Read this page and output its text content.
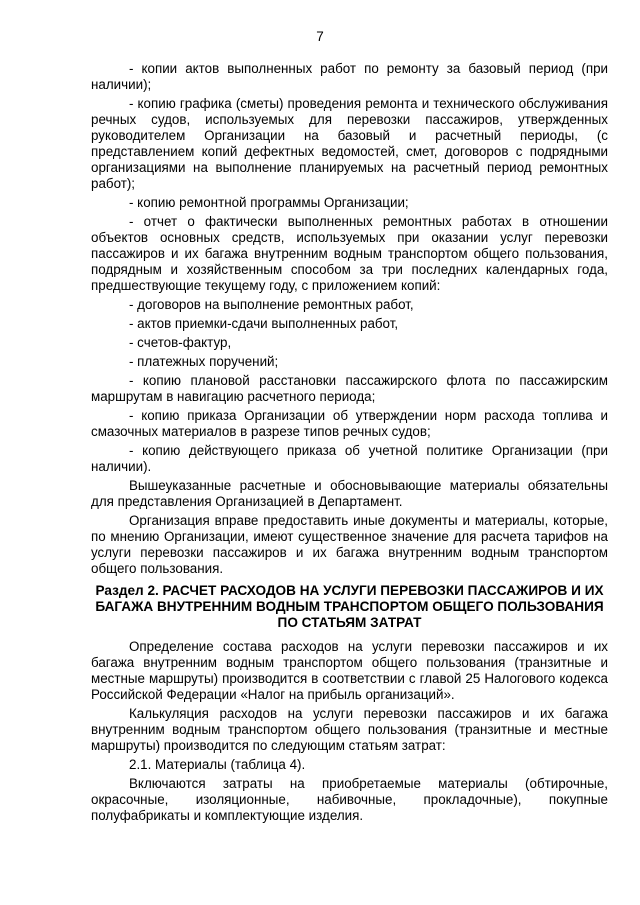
7

- копии актов выполненных работ по ремонту за базовый период (при наличии);

- копию графика (сметы) проведения ремонта и технического обслуживания речных судов, используемых для перевозки пассажиров, утвержденных руководителем Организации на базовый и расчетный периоды, (с представлением копий дефектных ведомостей, смет, договоров с подрядными организациями на выполнение планируемых на расчетный период ремонтных работ);

- копию ремонтной программы Организации;

- отчет о фактически выполненных ремонтных работах в отношении объектов основных средств, используемых при оказании услуг перевозки пассажиров и их багажа внутренним водным транспортом общего пользования, подрядным и хозяйственным способом за три последних календарных года, предшествующие текущему году, с приложением копий:

- договоров на выполнение ремонтных работ,

- актов приемки-сдачи выполненных работ,

- счетов-фактур,

- платежных поручений;

- копию плановой расстановки пассажирского флота по пассажирским маршрутам в навигацию расчетного периода;

- копию приказа Организации об утверждении норм расхода топлива и смазочных материалов в разрезе типов речных судов;

- копию действующего приказа об учетной политике Организации (при наличии).

Вышеуказанные расчетные и обосновывающие материалы обязательны для представления Организацией в Департамент.

Организация вправе предоставить иные документы и материалы, которые, по мнению Организации, имеют существенное значение для расчета тарифов на услуги перевозки пассажиров и их багажа внутренним водным транспортом общего пользования.

Раздел 2. РАСЧЕТ РАСХОДОВ НА УСЛУГИ ПЕРЕВОЗКИ ПАССАЖИРОВ И ИХ БАГАЖА ВНУТРЕННИМ ВОДНЫМ ТРАНСПОРТОМ ОБЩЕГО ПОЛЬЗОВАНИЯ ПО СТАТЬЯМ ЗАТРАТ

Определение состава расходов на услуги перевозки пассажиров и их багажа внутренним водным транспортом общего пользования (транзитные и местные маршруты) производится в соответствии с главой 25 Налогового кодекса Российской Федерации «Налог на прибыль организаций».

Калькуляция расходов на услуги перевозки пассажиров и их багажа внутренним водным транспортом общего пользования (транзитные и местные маршруты) производится по следующим статьям затрат:

2.1. Материалы (таблица 4).

Включаются затраты на приобретаемые материалы (обтирочные, окрасочные, изоляционные, набивочные, прокладочные), покупные полуфабрикаты и комплектующие изделия.
